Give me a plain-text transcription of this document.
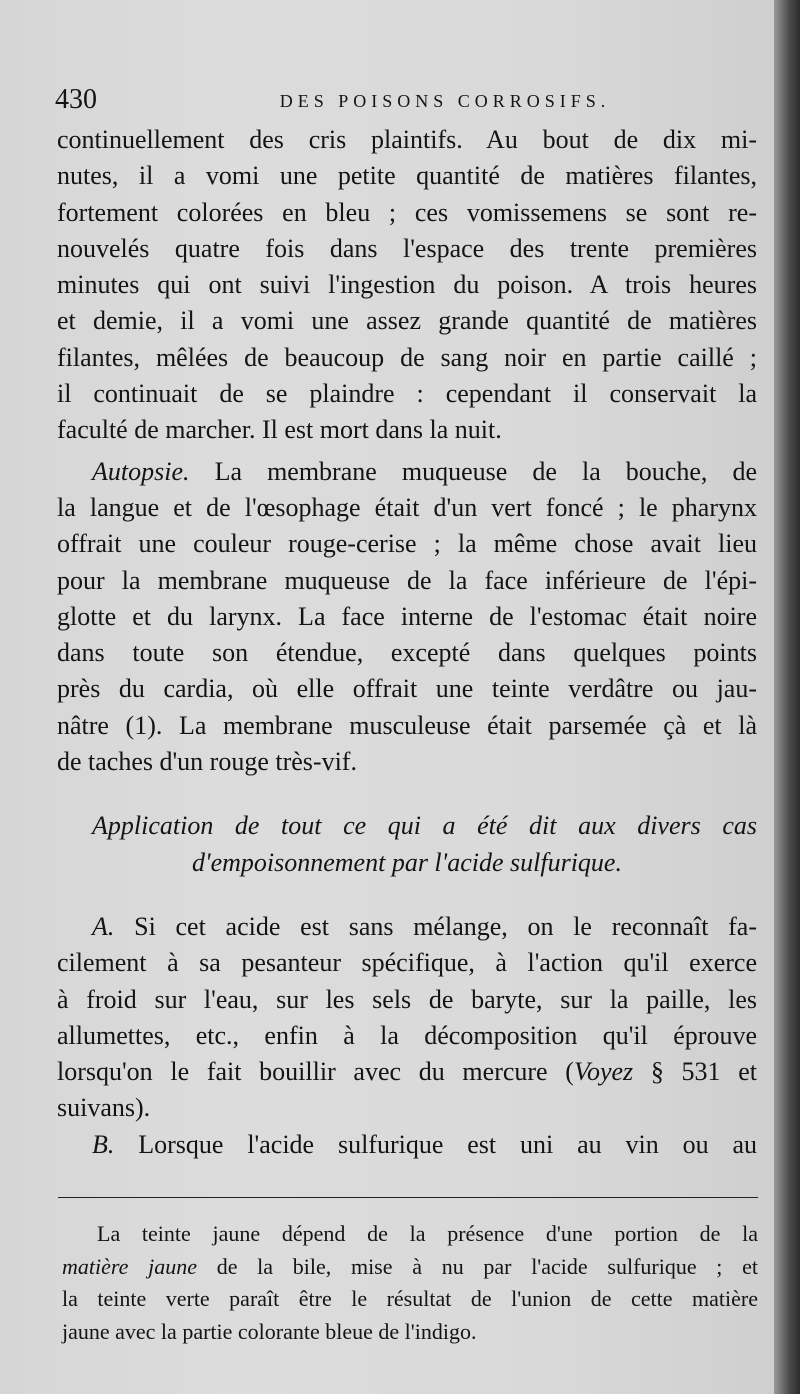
430	DES POISONS CORROSIFS.
continuellement des cris plaintifs. Au bout de dix mi-
nutes, il a vomi une petite quantité de matières filantes,
fortement colorées en bleu ; ces vomissemens se sont re-
nouvelés quatre fois dans l'espace des trente premières
minutes qui ont suivi l'ingestion du poison. A trois heures
et demie, il a vomi une assez grande quantité de matières
filantes, mêlées de beaucoup de sang noir en partie caillé ;
il continuait de se plaindre : cependant il conservait la
faculté de marcher. Il est mort dans la nuit.
Autopsie. La membrane muqueuse de la bouche, de
la langue et de l'œsophage était d'un vert foncé ; le pharynx
offrait une couleur rouge-cerise ; la même chose avait lieu
pour la membrane muqueuse de la face inférieure de l'épi-
glotte et du larynx. La face interne de l'estomac était noire
dans toute son étendue, excepté dans quelques points
près du cardia, où elle offrait une teinte verdâtre ou jau-
nâtre (1). La membrane musculeuse était parsemée çà et là
de taches d'un rouge très-vif.
Application de tout ce qui a été dit aux divers cas
d'empoisonnement par l'acide sulfurique.
A. Si cet acide est sans mélange, on le reconnaît fa-
cilement à sa pesanteur spécifique, à l'action qu'il exerce
à froid sur l'eau, sur les sels de baryte, sur la paille, les
allumettes, etc., enfin à la décomposition qu'il éprouve
lorsqu'on le fait bouillir avec du mercure (Voyez § 531 et
suivans).
B. Lorsque l'acide sulfurique est uni au vin ou au
La teinte jaune dépend de la présence d'une portion de la
matière jaune de la bile, mise à nu par l'acide sulfurique ; et
la teinte verte paraît être le résultat de l'union de cette matière
jaune avec la partie colorante bleue de l'indigo.
